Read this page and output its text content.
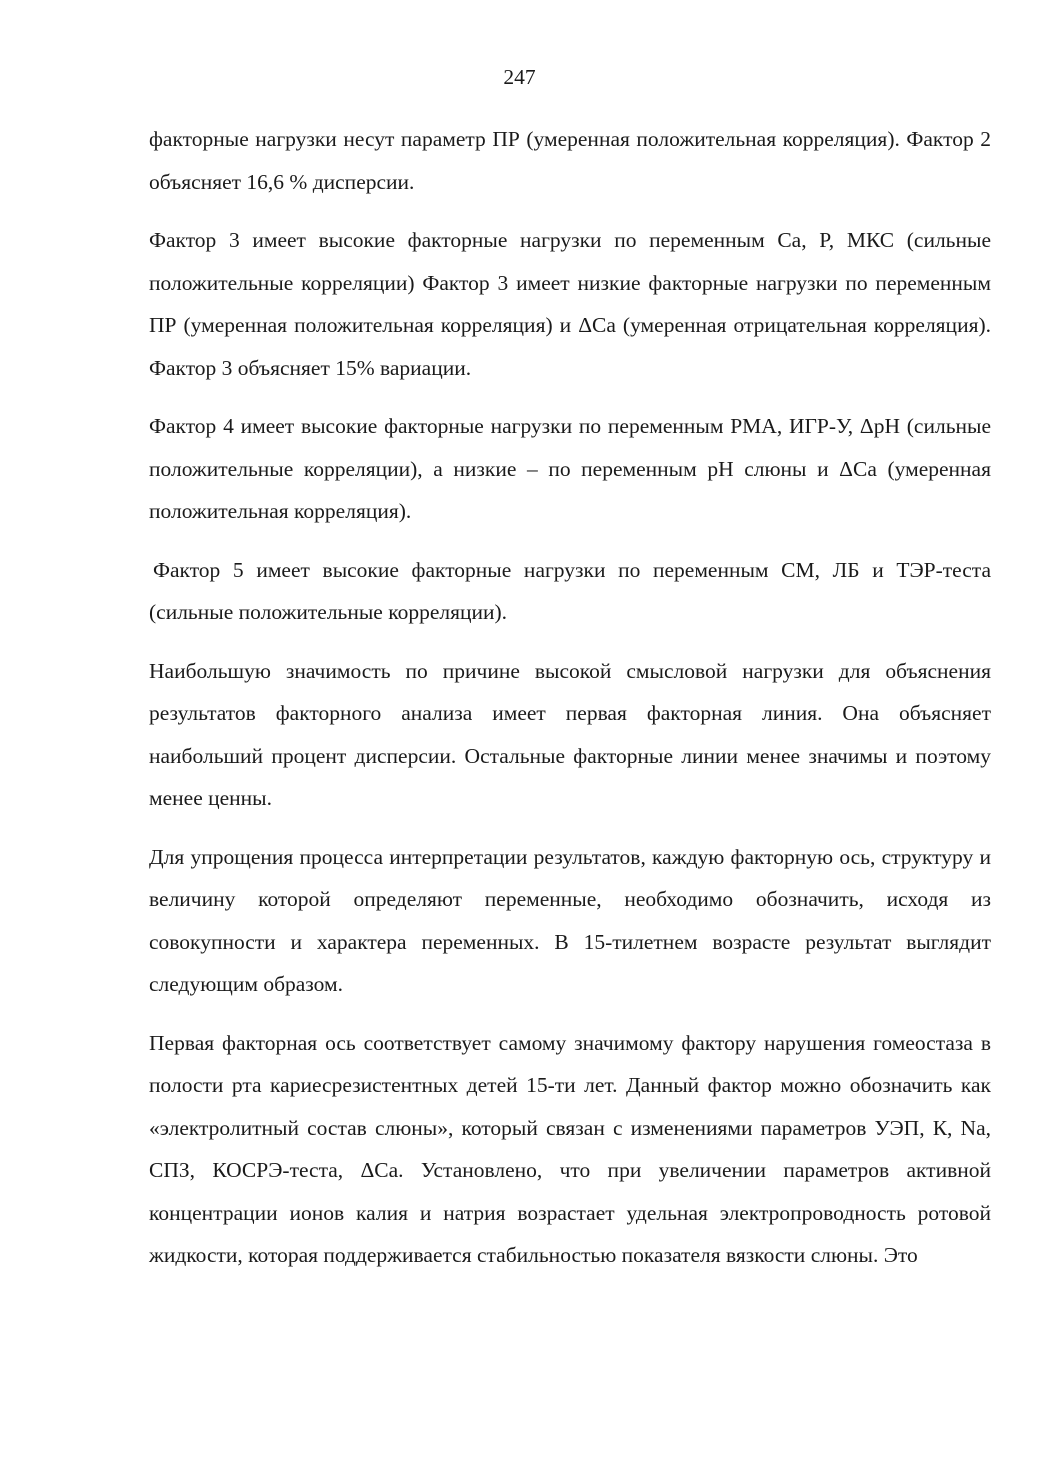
247

факторные нагрузки несут параметр ПР (умеренная положительная корреляция). Фактор 2 объясняет 16,6 % дисперсии.

Фактор 3 имеет высокие факторные нагрузки по переменным Ca, P, МКС (сильные положительные корреляции) Фактор 3 имеет низкие факторные нагрузки по переменным ПР (умеренная положительная корреляция) и ΔCa (умеренная отрицательная корреляция). Фактор 3 объясняет 15% вариации.

Фактор 4 имеет высокие факторные нагрузки по переменным РМА, ИГР-У, ΔpH (сильные положительные корреляции), а низкие – по переменным pH слюны и ΔCa (умеренная положительная корреляция).

Фактор 5 имеет высокие факторные нагрузки по переменным СМ, ЛБ и ТЭР-теста (сильные положительные корреляции).

Наибольшую значимость по причине высокой смысловой нагрузки для объяснения результатов факторного анализа имеет первая факторная линия. Она объясняет наибольший процент дисперсии. Остальные факторные линии менее значимы и поэтому менее ценны.

Для упрощения процесса интерпретации результатов, каждую факторную ось, структуру и величину которой определяют переменные, необходимо обозначить, исходя из совокупности и характера переменных. В 15-тилетнем возрасте результат выглядит следующим образом.

Первая факторная ось соответствует самому значимому фактору нарушения гомеостаза в полости рта кариесрезистентных детей 15-ти лет. Данный фактор можно обозначить как «электролитный состав слюны», который связан с изменениями параметров УЭП, К, Na, СПЗ, КОСРЭ-теста, ΔCa. Установлено, что при увеличении параметров активной концентрации ионов калия и натрия возрастает удельная электропроводность ротовой жидкости, которая поддерживается стабильностью показателя вязкости слюны. Это
